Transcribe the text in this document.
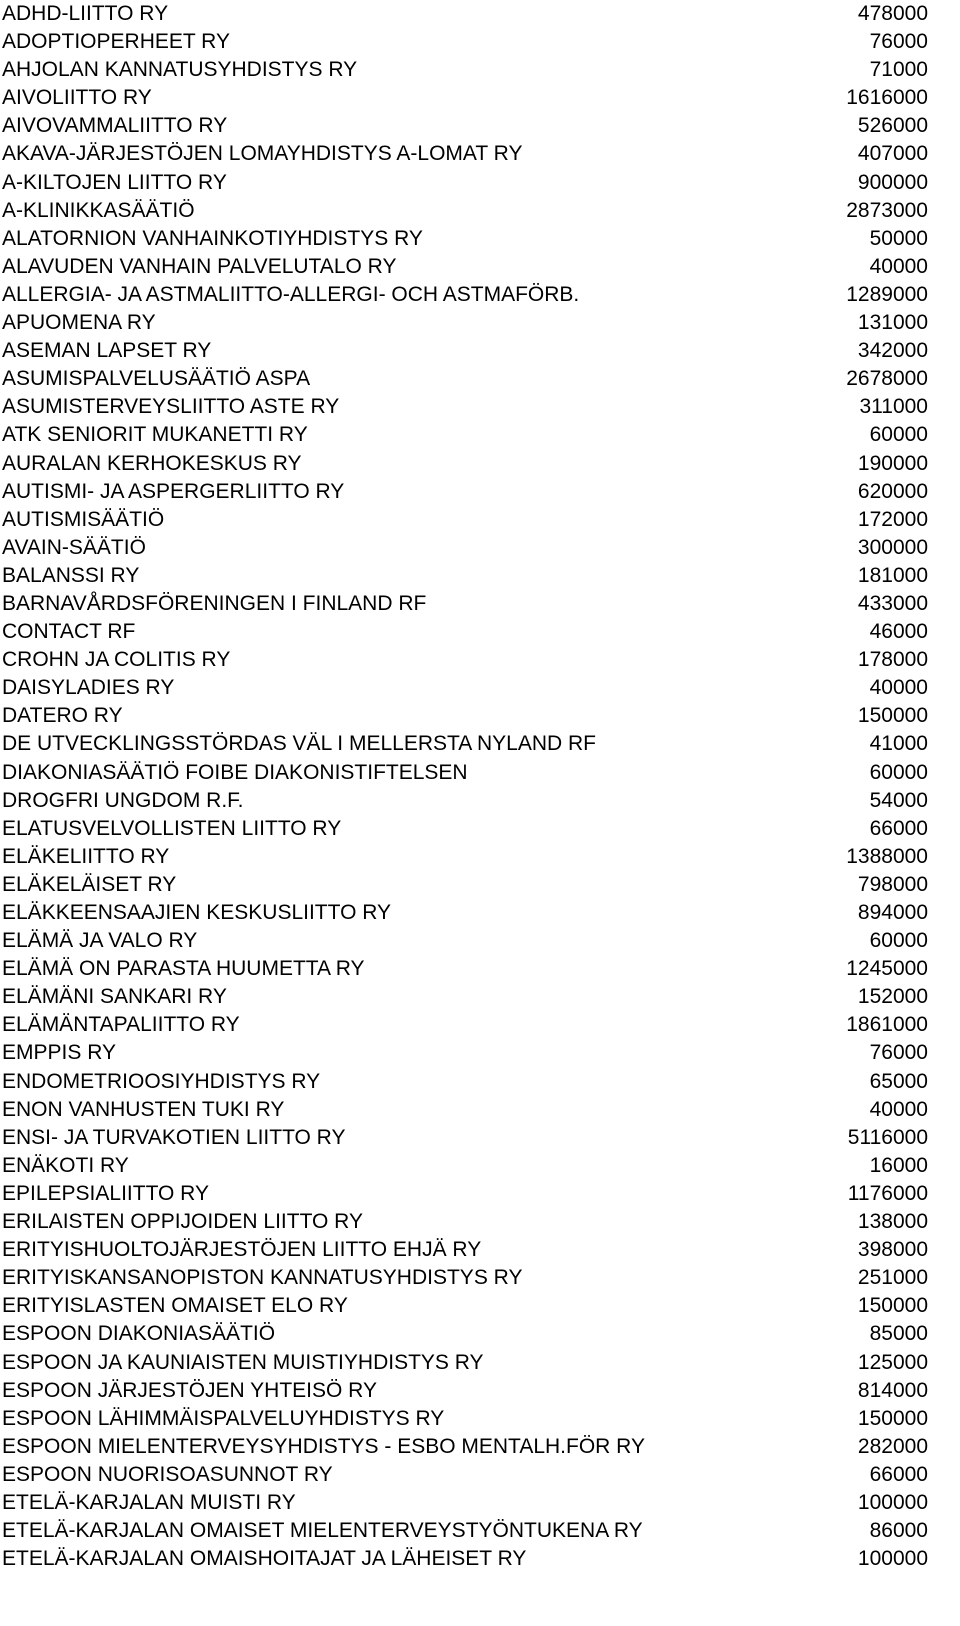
ADHD-LIITTO RY	478000
ADOPTIOPERHEET RY	76000
AHJOLAN KANNATUSYHDISTYS RY	71000
AIVOLIITTO RY	1616000
AIVOVAMMALIITTO RY	526000
AKAVA-JÄRJESTÖJEN LOMAYHDISTYS A-LOMAT RY	407000
A-KILTOJEN LIITTO RY	900000
A-KLINIKKASÄÄTIÖ	2873000
ALATORNION VANHAINKOTIYHDISTYS RY	50000
ALAVUDEN VANHAIN PALVELUTALO RY	40000
ALLERGIA- JA ASTMALIITTO-ALLERGI- OCH ASTMAFÖRB.	1289000
APUOMENA RY	131000
ASEMAN LAPSET RY	342000
ASUMISPALVELUSÄÄTIÖ ASPA	2678000
ASUMISTERVEYSLIITTO ASTE RY	311000
ATK SENIORIT MUKANETTI RY	60000
AURALAN KERHOKESKUS RY	190000
AUTISMI- JA ASPERGERLIITTO RY	620000
AUTISMISÄÄTIÖ	172000
AVAIN-SÄÄTIÖ	300000
BALANSSI RY	181000
BARNAVÅRDSFÖRENINGEN I FINLAND RF	433000
CONTACT RF	46000
CROHN JA COLITIS RY	178000
DAISYLADIES RY	40000
DATERO RY	150000
DE UTVECKLINGSSTÖRDAS VÄL I MELLERSTA NYLAND RF	41000
DIAKONIASÄÄTIÖ FOIBE DIAKONISTIFTELSEN	60000
DROGFRI UNGDOM R.F.	54000
ELATUSVELVOLLISTEN LIITTO RY	66000
ELÄKELIITTO RY	1388000
ELÄKELÄISET RY	798000
ELÄKKEENSAAJIEN KESKUSLIITTO RY	894000
ELÄMÄ JA VALO RY	60000
ELÄMÄ ON PARASTA HUUMETTA RY	1245000
ELÄMÄNI SANKARI RY	152000
ELÄMÄNTAPALIITTO RY	1861000
EMPPIS RY	76000
ENDOMETRIOOSIYHDISTYS RY	65000
ENON VANHUSTEN TUKI RY	40000
ENSI- JA TURVAKOTIEN LIITTO RY	5116000
ENÄKOTI RY	16000
EPILEPSIALIITTO RY	1176000
ERILAISTEN OPPIJOIDEN LIITTO RY	138000
ERITYISHUOLTOJÄRJESTÖJEN LIITTO EHJÄ RY	398000
ERITYISKANSANOPISTON KANNATUSYHDISTYS RY	251000
ERITYISLASTEN OMAISET ELO RY	150000
ESPOON DIAKONIASÄÄTIÖ	85000
ESPOON JA KAUNIAISTEN MUISTIYHDISTYS RY	125000
ESPOON JÄRJESTÖJEN YHTEISÖ RY	814000
ESPOON LÄHIMMÄISPALVELUYHDISTYS RY	150000
ESPOON MIELENTERVEYSYHDISTYS - ESBO MENTALH.FÖR RY	282000
ESPOON NUORISOASUNNOT RY	66000
ETELÄ-KARJALAN MUISTI RY	100000
ETELÄ-KARJALAN OMAISET MIELENTERVEYSTYÖNTUKENA RY	86000
ETELÄ-KARJALAN OMAISHOITAJAT JA LÄHEISET RY	100000
